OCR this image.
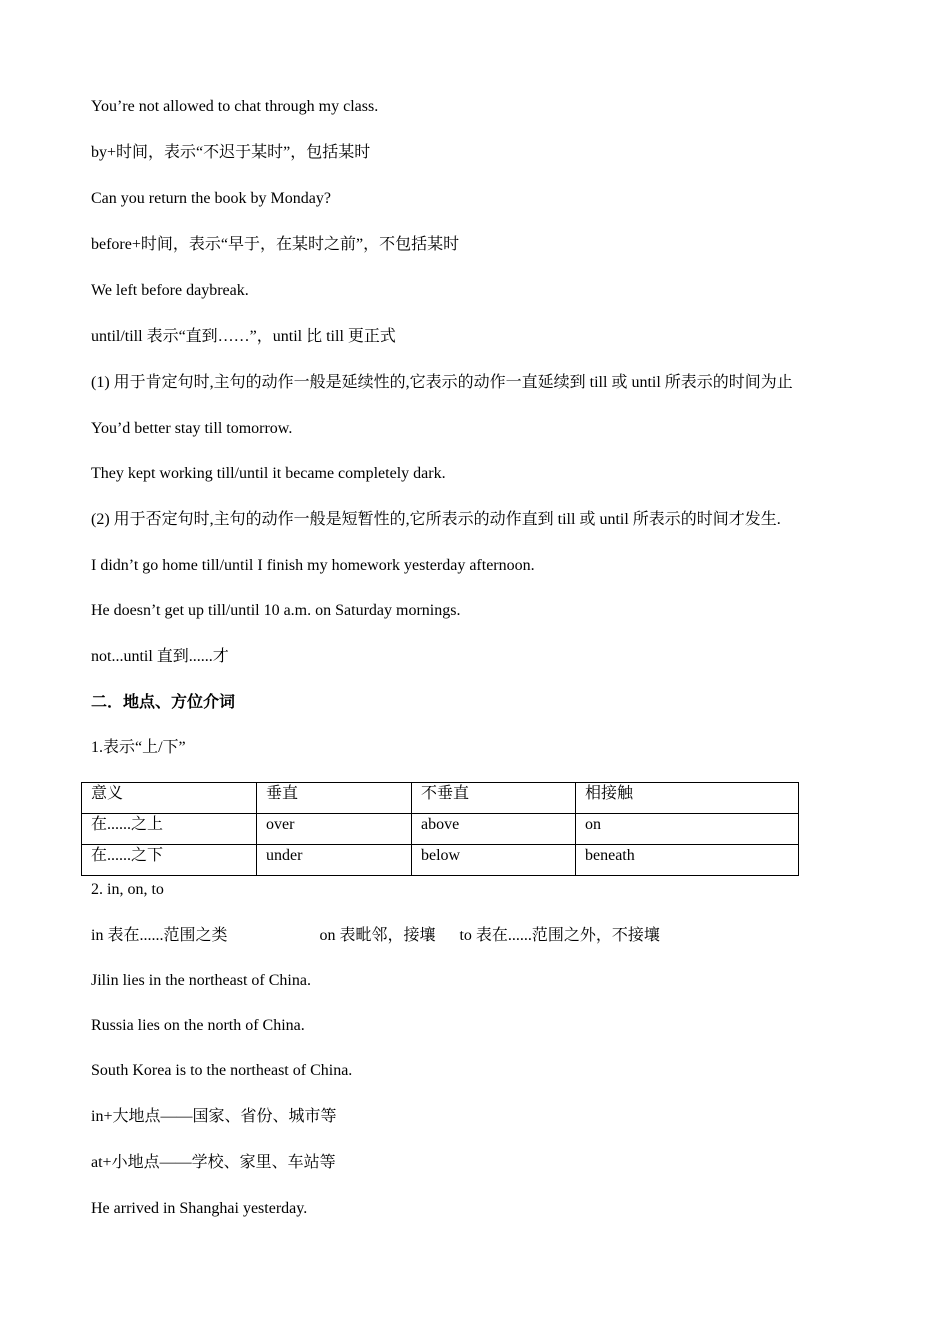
You’re not allowed to chat through my class.
by+时间，表示“不迟于某时”，包括某时
Can you return the book by Monday?
before+时间，表示“早于，在某时之前”，不包括某时
We left before daybreak.
until/till 表示“直到……”，until 比 till 更正式
(1) 用于肯定句时,主句的动作一般是延续性的,它表示的动作一直延续到 till 或 until 所表示的时间为止
You’d better stay till tomorrow.
They kept working till/until it became completely dark.
(2) 用于否定句时,主句的动作一般是短暂性的,它所表示的动作直到 till 或 until 所表示的时间才发生.
I didn’t go home till/until I finish my homework yesterday afternoon.
He doesn’t get up till/until 10 a.m. on Saturday mornings.
not...until 直到......才
二．地点、方位介词
1.表示“上/下”
意义	垂直	不垂直	相接触
在......之上	over	above	on
在......之下	under	below	beneath
2. in, on, to
in 表在......范围之类	on 表毗邻，接壤 to 表在......范围之外，不接壤
Jilin lies in the northeast of China.
Russia lies on the north of China.
South Korea is to the northeast of China.
in+大地点——国家、省份、城市等
at+小地点——学校、家里、车站等
He arrived in Shanghai yesterday.
